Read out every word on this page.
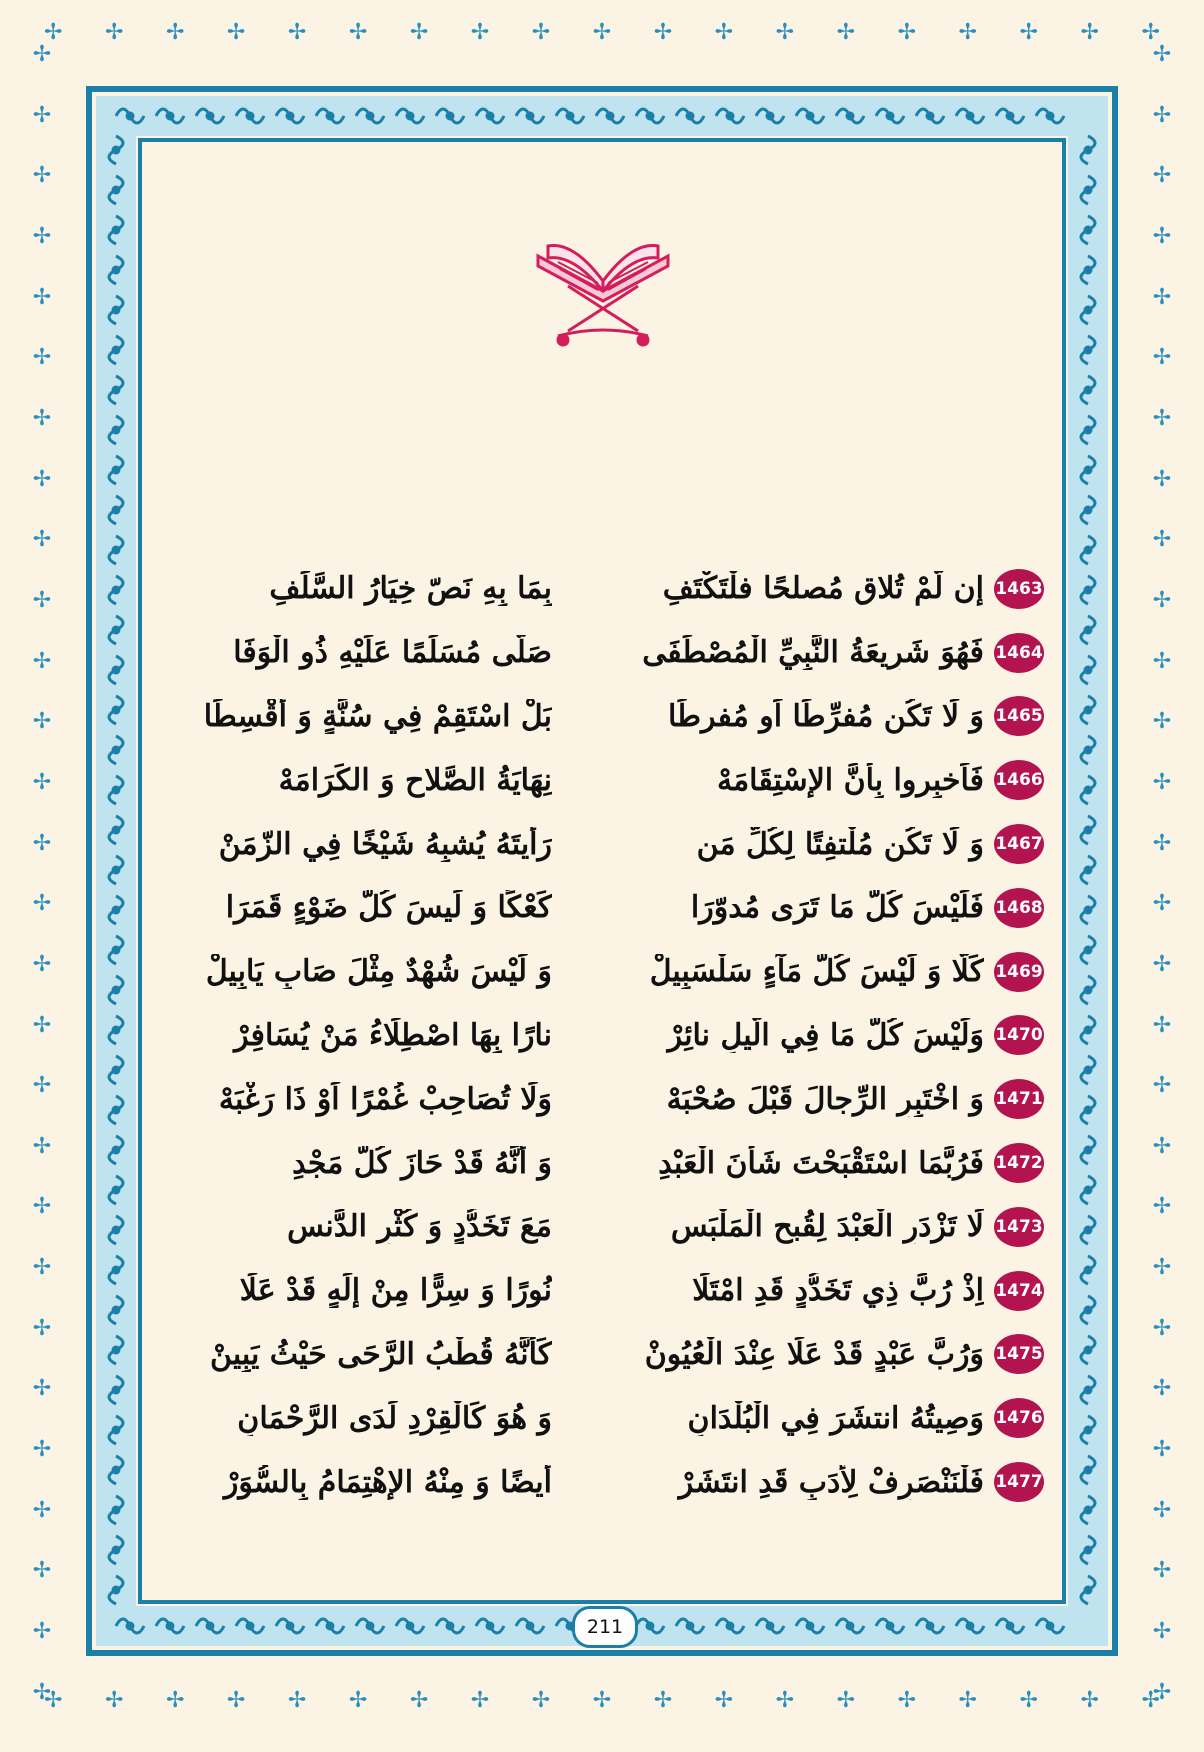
✢
✢
✢
✢
✢
✢
✢
✢
✢
✢
✢
✢
✢
✢
✢
✢
✢
✢
✢
✢
✢
✢
✢
✢
✢
✢
✢
✢
✢
✢
✢
✢
✢
✢
✢
✢
✢
✢
✢
✢
✢
✢
✢
✢
✢
✢
✢
✢
✢
✢
✢
✢
✢
✢
✢
✢
✢ ✢ ✢ ✢ ✢ ✢ ✢ ✢ ✢ ✢ ✢ ✢ ✢ ✢ ✢ ✢ ✢ ✢ ✢
✢ ✢ ✢ ✢ ✢ ✢ ✢ ✢ ✢ ✢ ✢ ✢ ✢ ✢ ✢ ✢ ✢ ✢ ✢
1463
إن لَّمْ تُلاقِ مُصلحًا فلْتَكْتَفِ
بِمَا بِهِ نَصّ خِيَارُ السَّلَفِ
1464
فَهُوَ شَرِيعَةُ النَّبِيِّ الْمُصْطَفَى
صَلَّى مُسَلِّمًا عَلَيْهِ ذُو الْوَفَا
1465
وَ لَا تَكُن مُفرِّطًا اَو مُفرطَا
بَلْ اسْتَقِمْ فِي سُنَّةٍ وَ أَقْسِطَا
1466
فَاَخبِروا بِأَنَّ الإسْتِقَامَهْ
نِهَايَةُ الصَّلاحِ وَ الكَرَامَهْ
1467
وَ لَا تَكُن مُلْتفِتًا لِكُلِّ مَن
رَأَيتَهُ يُشبِهُ شَيْخًا فِي الزّمَنْ
1468
فَلَيْسَ كُلُّ مَا تَرَى مُدوّرَا
كَعْكًا وَ لَيسَ كُلُّ ضَوْءٍ قَمَرَا
1469
كَلَّا وَ لَيْسَ كُلُّ مَآءٍ سَلْسَبِيلْ
وَ لَيْسَ شُهْدٌ مِثْلَ صَابٍ يَابِيلْ
1470
وَلَيْسَ كُلُّ مَا فِي الّيلِ نائِرْ
نارًا بِهَا اصْطِلَاءُ مَنْ يُسَافِرْ
1471
وَ اخْتَبِرِ الرِّجالَ قَبْلَ صُحْبَهْ
وَلَا تُصَاحِبْ غُمْرًا اَوْ ذَا رَغْبَهْ
1472
فَرُبَّمَا اسْتَقْبَحْتَ شَأْنَ الْعَبْدِ
وَ أَنَّهُ قَدْ حَازَ كُلَّ مَجْدِ
1473
لَا تَزْدَرِ الْعَبْدَ لِقُبحِ الْمَلْبَسِ
مَعَ تَخَدُّدٍ وَ كُثْرِ الدَّنسِ
1474
اِذْ رُبَّ ذِي تَخَدُّدٍ قَدِ امْتَلَا
نُورًا وَ سِرًّا مِنْ إِلَهٍ قَدْ عَلَا
1475
وَرُبَّ عَبْدٍ قَدْ عَلَا عِنْدَ الْعُيُونْ
كَأَنَّهُ قُطْبُ الرَّحَى حَيْثُ يَبِينْ
1476
وَصِيتُهُ انتشَرَ فِي الْبُلْدَانِ
وَ هُوَ كَالْقِرْدِ لَدَى الرَّحْمَانِ
1477
فَلْنَنْصَرِفْ لِأَدَبٍ قَدِ انتَشَرْ
أَيضًا وَ مِنْهُ الإهْتِمَامُ بِالسُّوَرْ
211
